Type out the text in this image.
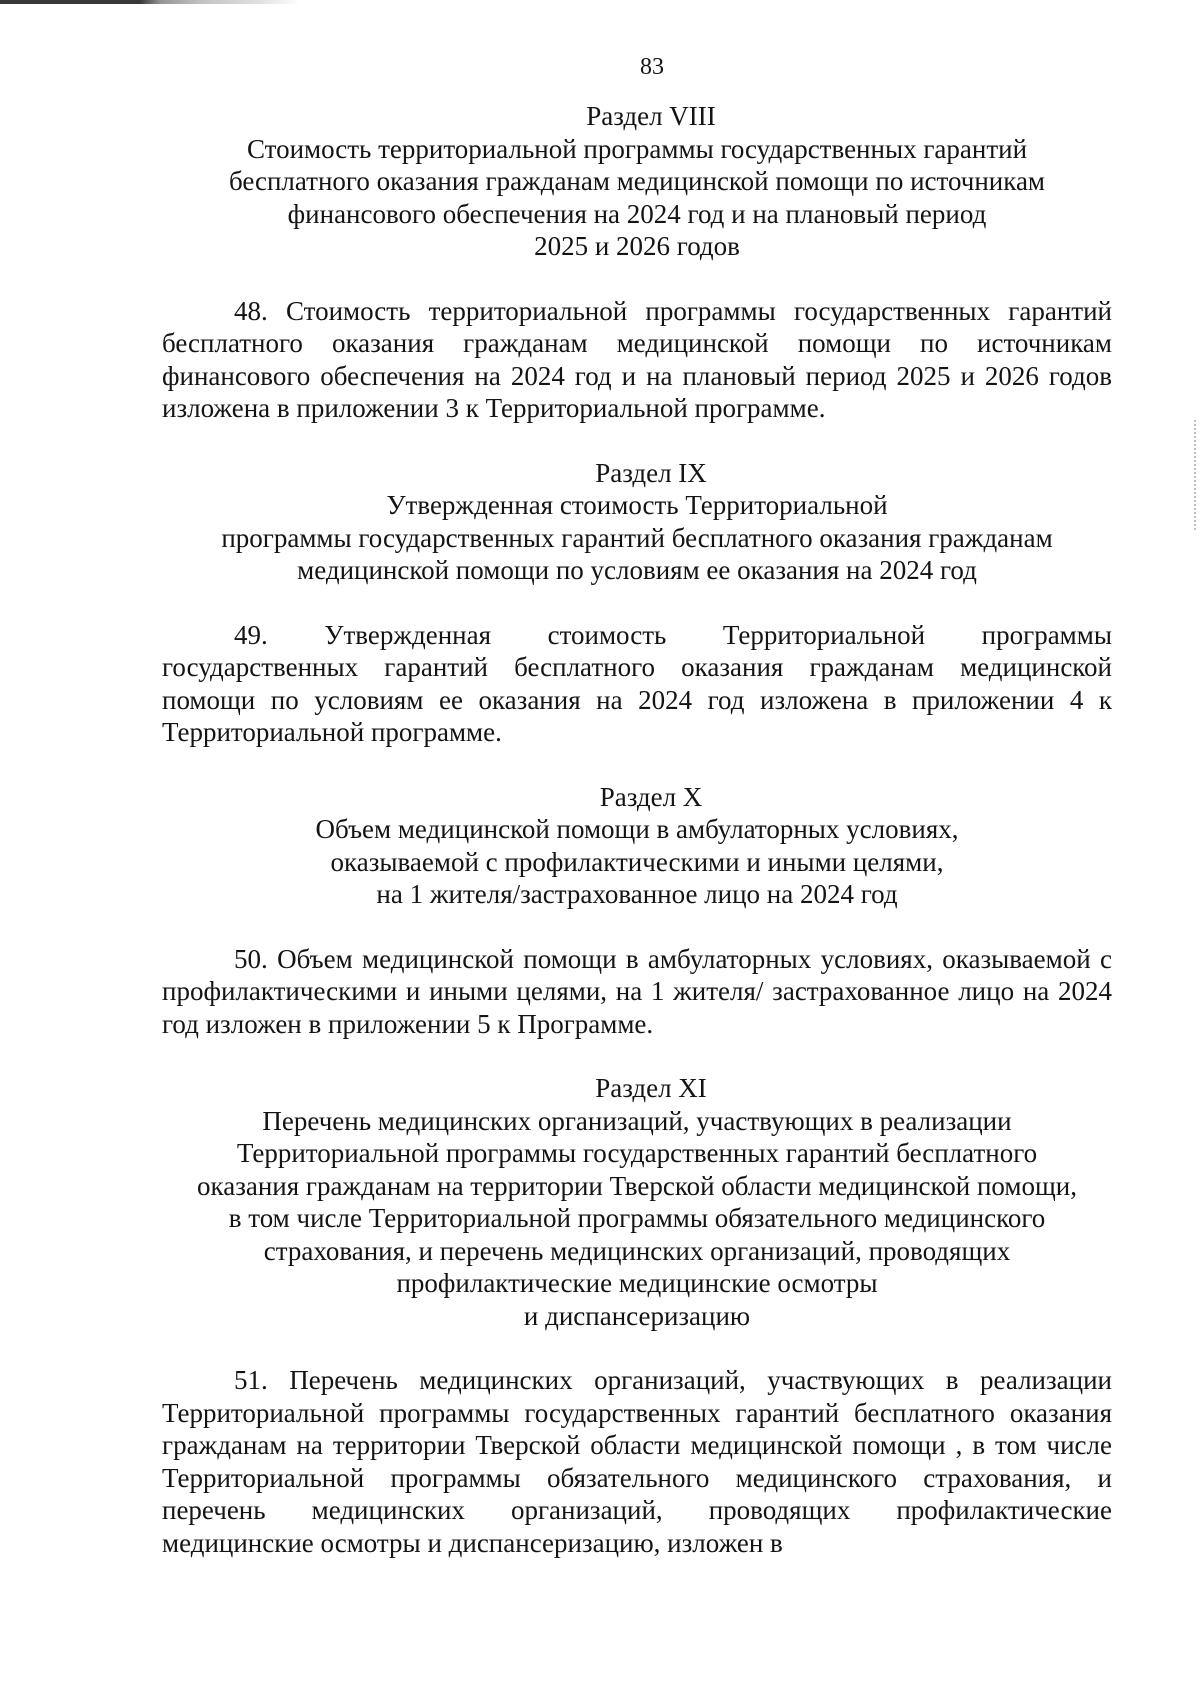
83

Раздел VIII

Стоимость территориальной программы государственных гарантий
бесплатного оказания гражданам медицинской помощи по источникам
финансового обеспечения на 2024 год и на плановый период
2025 и 2026 годов

48. Стоимость территориальной программы государственных гарантий бесплатного оказания гражданам медицинской помощи по источникам финансового обеспечения на 2024 год и на плановый период 2025 и 2026 годов изложена в приложении 3 к Территориальной программе.

Раздел IX

Утвержденная стоимость Территориальной
программы государственных гарантий бесплатного оказания гражданам
медицинской помощи по условиям ее оказания на 2024 год

49. Утвержденная стоимость Территориальной программы государственных гарантий бесплатного оказания гражданам медицинской помощи по условиям ее оказания на 2024 год изложена в приложении 4 к Территориальной программе.

Раздел X

Объем медицинской помощи в амбулаторных условиях,
оказываемой с профилактическими и иными целями,
на 1 жителя/застрахованное лицо на 2024 год

50. Объем медицинской помощи в амбулаторных условиях, оказываемой с профилактическими и иными целями, на 1 жителя/ застрахованное лицо на 2024 год изложен в приложении 5 к Программе.

Раздел XI

Перечень медицинских организаций, участвующих в реализации
Территориальной программы государственных гарантий бесплатного
оказания гражданам на территории Тверской области медицинской помощи,
в том числе Территориальной программы обязательного медицинского
страхования, и перечень медицинских организаций, проводящих
профилактические медицинские осмотры
и диспансеризацию

51. Перечень медицинских организаций, участвующих в реализации Территориальной программы государственных гарантий бесплатного оказания гражданам на территории Тверской области медицинской помощи , в том числе Территориальной программы обязательного медицинского страхования, и перечень медицинских организаций, проводящих профилактические медицинские осмотры и диспансеризацию, изложен в
